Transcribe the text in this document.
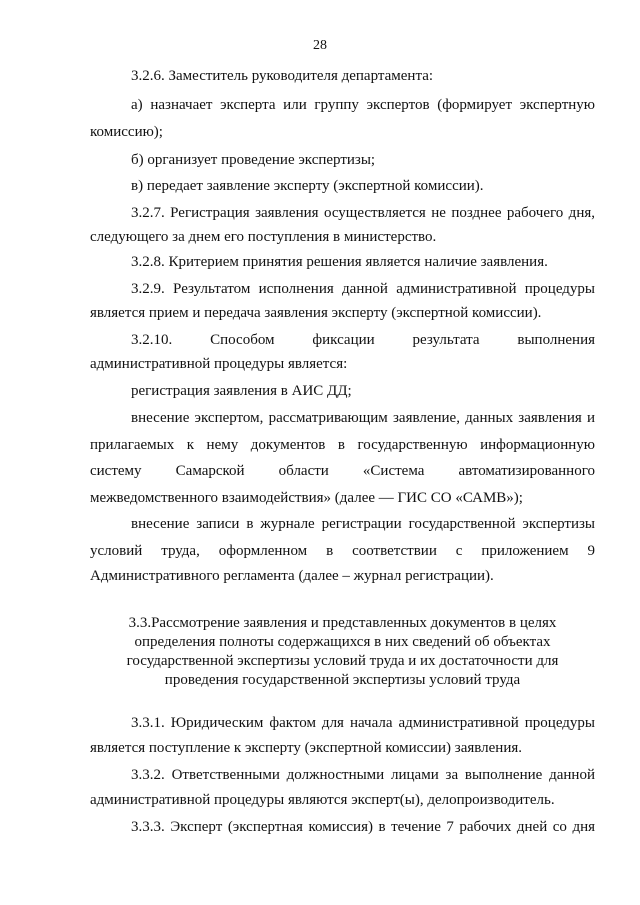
28
3.2.6. Заместитель руководителя департамента:
а) назначает эксперта или группу экспертов (формирует экспертную
комиссию);
б) организует проведение экспертизы;
в) передает заявление эксперту (экспертной комиссии).
3.2.7. Регистрация заявления осуществляется не позднее рабочего дня,
следующего за днем его поступления в министерство.
3.2.8. Критерием принятия решения является наличие заявления.
3.2.9. Результатом исполнения данной административной процедуры
является прием и передача заявления эксперту (экспертной комиссии).
3.2.10. Способом фиксации результата выполнения
административной процедуры является:
регистрация заявления в АИС ДД;
внесение экспертом, рассматривающим заявление, данных заявления и
прилагаемых к нему документов в государственную информационную
систему Самарской области «Система автоматизированного
межведомственного взаимодействия» (далее — ГИС СО «САМВ»);
внесение записи в журнале регистрации государственной экспертизы
условий труда, оформленном в соответствии с приложением 9
Административного регламента (далее – журнал регистрации).
3.3.Рассмотрение заявления и представленных документов в целях
определения полноты содержащихся в них сведений об объектах
государственной экспертизы условий труда и их достаточности для
проведения государственной экспертизы условий труда
3.3.1. Юридическим фактом для начала административной процедуры
является поступление к эксперту (экспертной комиссии) заявления.
3.3.2. Ответственными должностными лицами за выполнение данной
административной процедуры являются эксперт(ы), делопроизводитель.
3.3.3. Эксперт (экспертная комиссия) в течение 7 рабочих дней со дня
